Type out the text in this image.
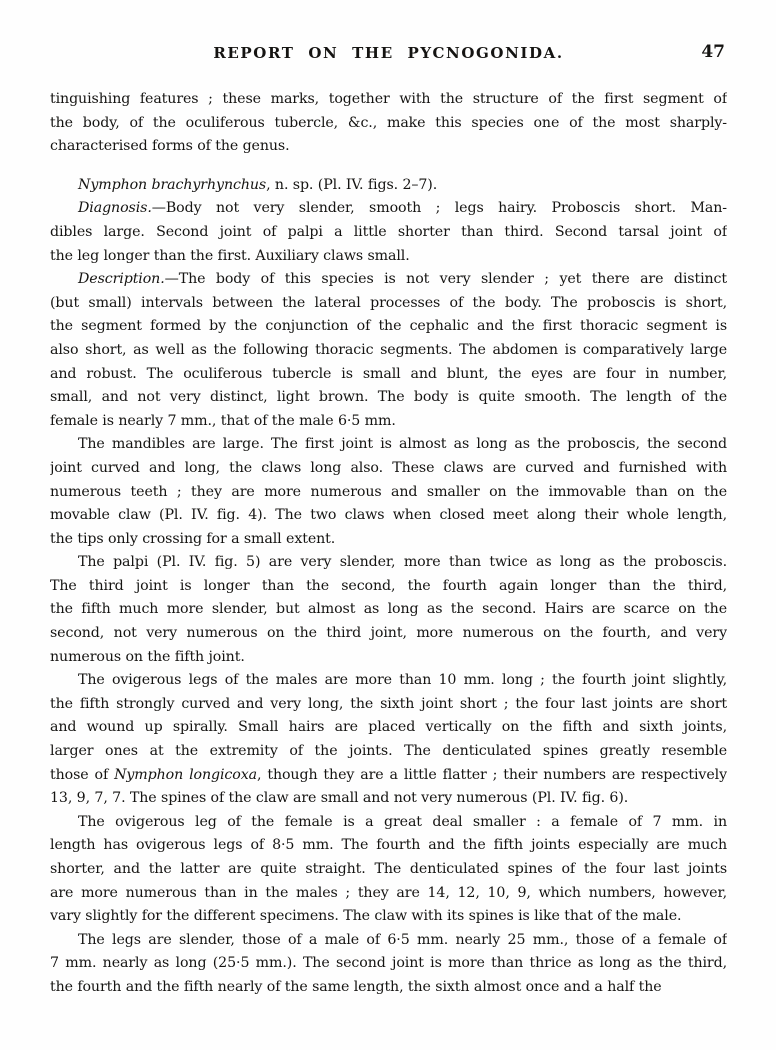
REPORT ON THE PYCNOGONIDA.	47
tinguishing features ; these marks, together with the structure of the first segment of
the body, of the oculiferous tubercle, &c., make this species one of the most sharply-
characterised forms of the genus.
Nymphon brachyrhynchus, n. sp. (Pl. IV. figs. 2–7).
Diagnosis.—Body not very slender, smooth ; legs hairy. Proboscis short. Man-
dibles large. Second joint of palpi a little shorter than third. Second tarsal joint of
the leg longer than the first. Auxiliary claws small.
Description.—The body of this species is not very slender ; yet there are distinct
(but small) intervals between the lateral processes of the body. The proboscis is short,
the segment formed by the conjunction of the cephalic and the first thoracic segment is
also short, as well as the following thoracic segments. The abdomen is comparatively large
and robust. The oculiferous tubercle is small and blunt, the eyes are four in number,
small, and not very distinct, light brown. The body is quite smooth. The length of the
female is nearly 7 mm., that of the male 6·5 mm.
The mandibles are large. The first joint is almost as long as the proboscis, the second
joint curved and long, the claws long also. These claws are curved and furnished with
numerous teeth ; they are more numerous and smaller on the immovable than on the
movable claw (Pl. IV. fig. 4). The two claws when closed meet along their whole length,
the tips only crossing for a small extent.
The palpi (Pl. IV. fig. 5) are very slender, more than twice as long as the proboscis.
The third joint is longer than the second, the fourth again longer than the third,
the fifth much more slender, but almost as long as the second. Hairs are scarce on the
second, not very numerous on the third joint, more numerous on the fourth, and very
numerous on the fifth joint.
The ovigerous legs of the males are more than 10 mm. long ; the fourth joint slightly,
the fifth strongly curved and very long, the sixth joint short ; the four last joints are short
and wound up spirally. Small hairs are placed vertically on the fifth and sixth joints,
larger ones at the extremity of the joints. The denticulated spines greatly resemble
those of Nymphon longicoxa, though they are a little flatter ; their numbers are respectively
13, 9, 7, 7. The spines of the claw are small and not very numerous (Pl. IV. fig. 6).
The ovigerous leg of the female is a great deal smaller : a female of 7 mm. in
length has ovigerous legs of 8·5 mm. The fourth and the fifth joints especially are much
shorter, and the latter are quite straight. The denticulated spines of the four last joints
are more numerous than in the males ; they are 14, 12, 10, 9, which numbers, however,
vary slightly for the different specimens. The claw with its spines is like that of the male.
The legs are slender, those of a male of 6·5 mm. nearly 25 mm., those of a female of
7 mm. nearly as long (25·5 mm.). The second joint is more than thrice as long as the third,
the fourth and the fifth nearly of the same length, the sixth almost once and a half the
